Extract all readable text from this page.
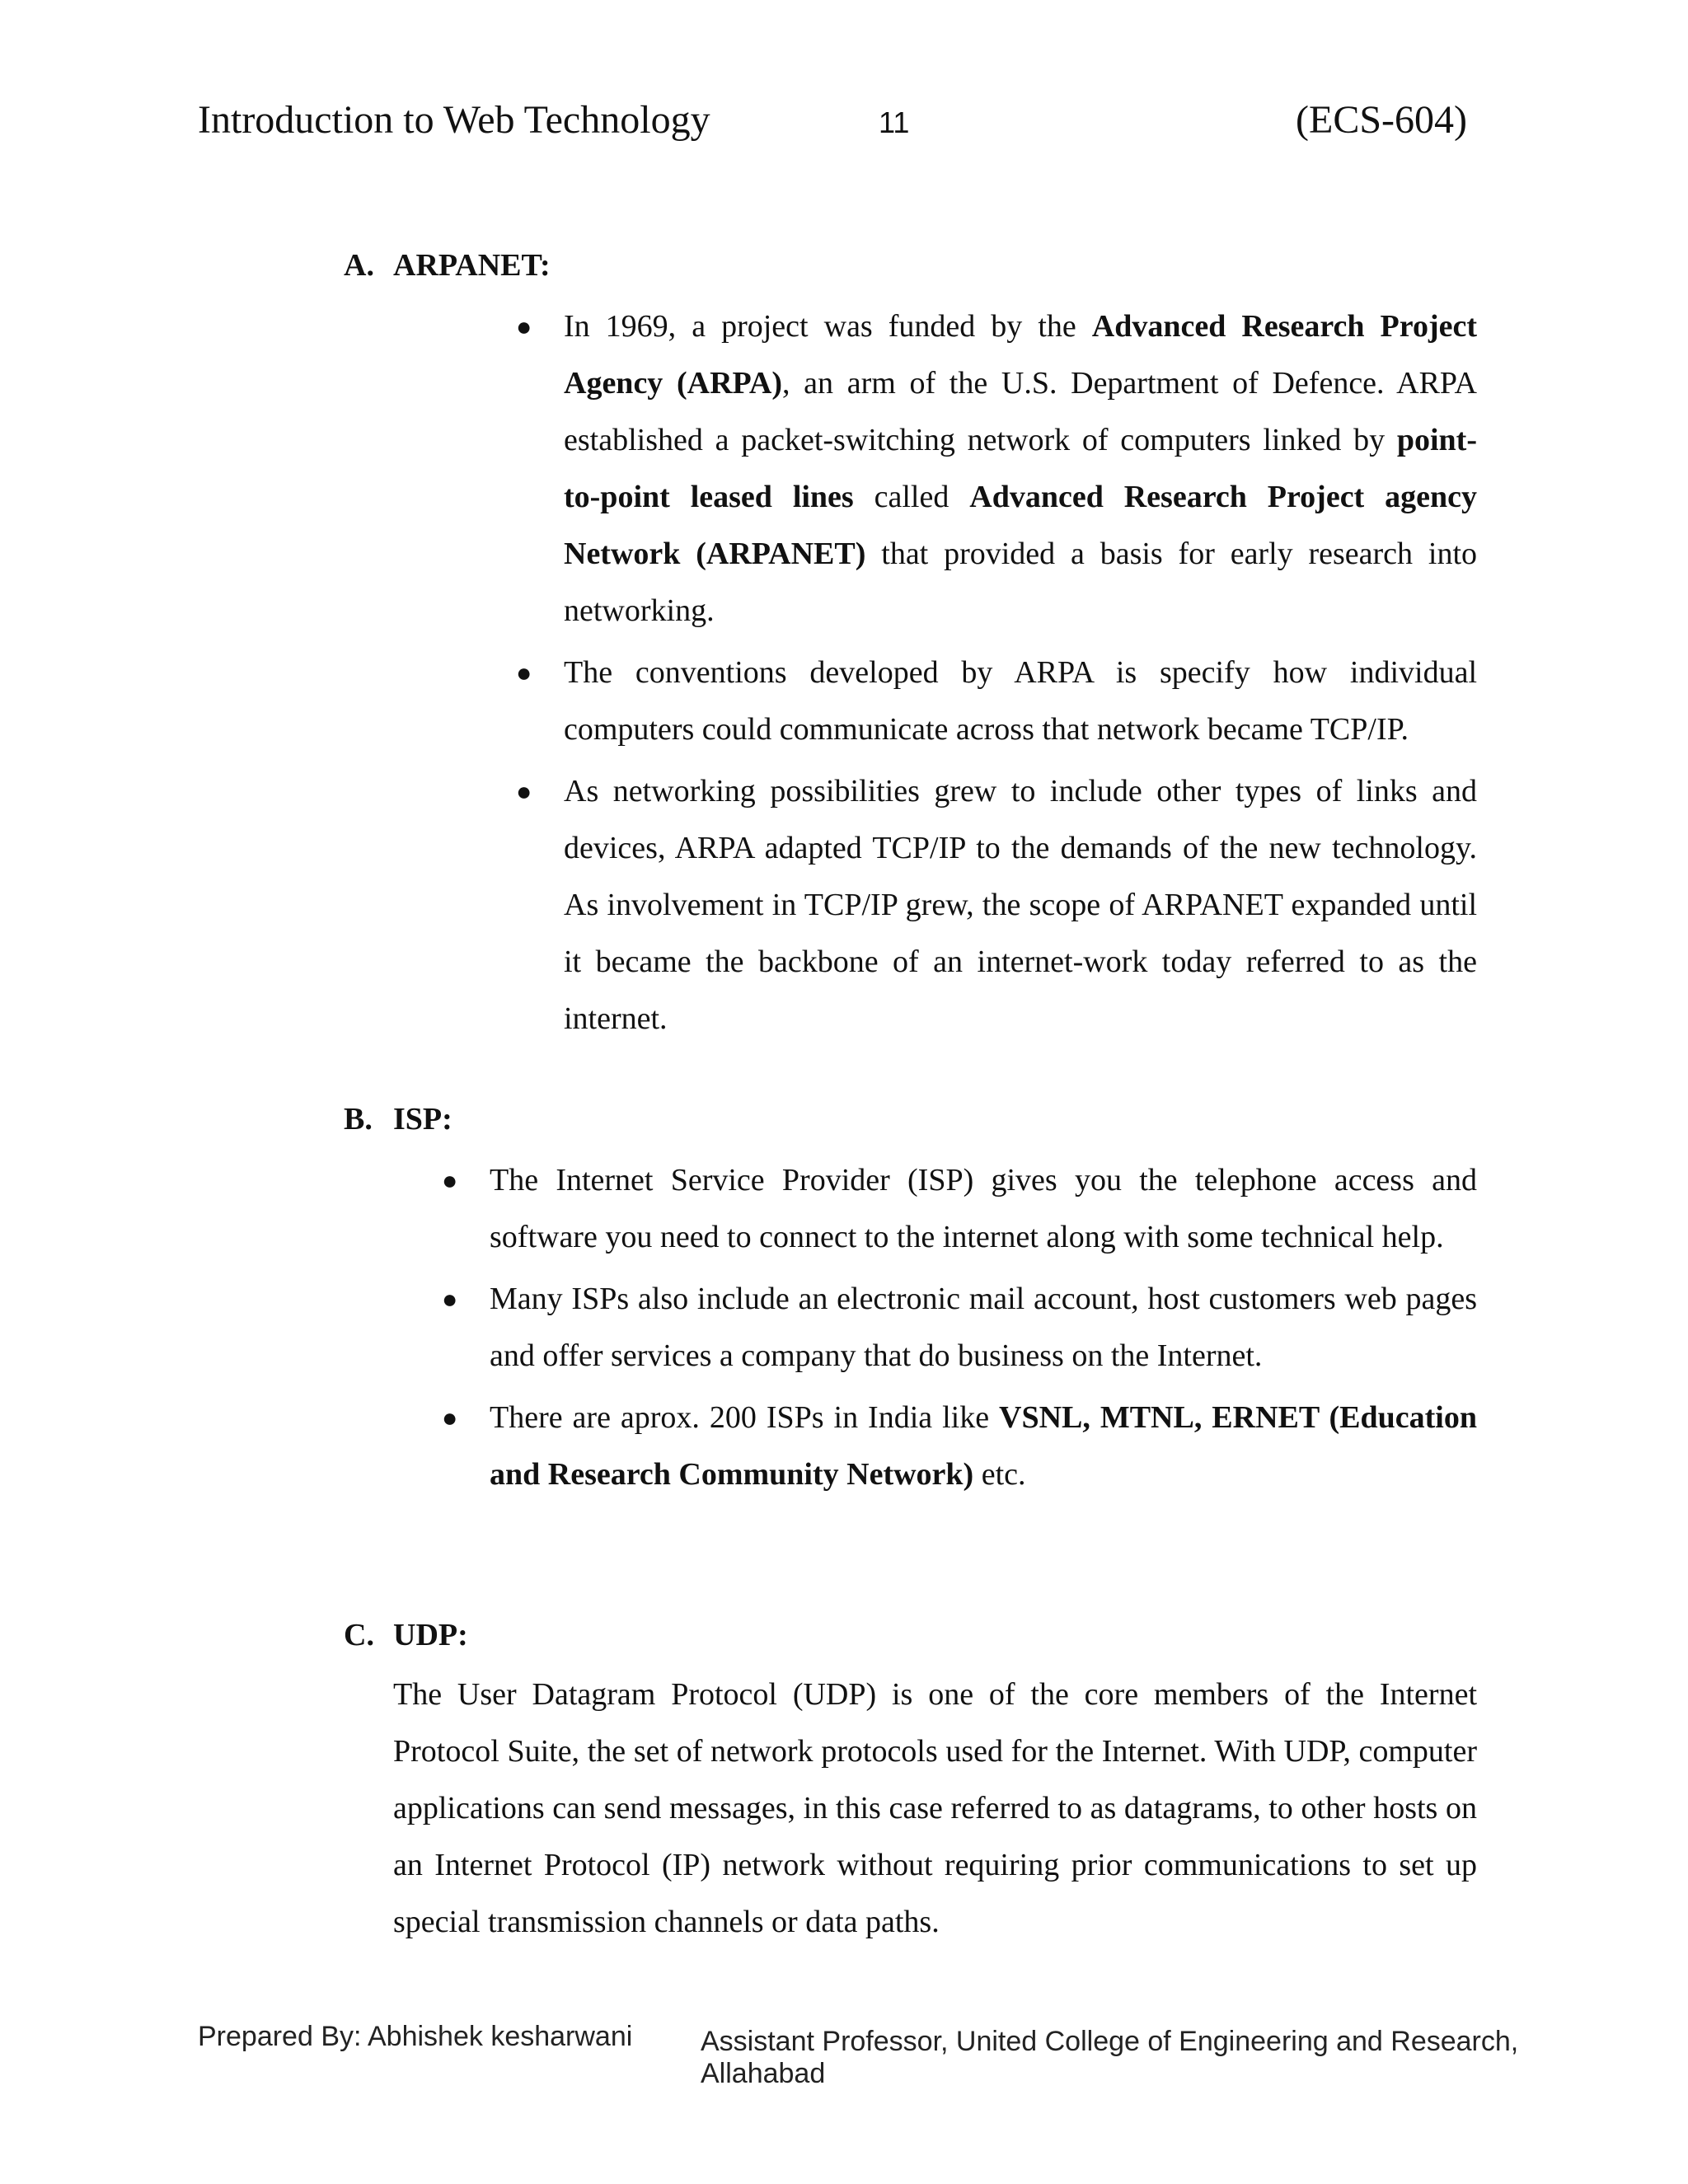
Introduction to Web Technology	11	(ECS-604)
A. ARPANET:
● In 1969, a project was funded by the Advanced Research Project Agency (ARPA), an arm of the U.S. Department of Defence. ARPA established a packet-switching network of computers linked by point-to-point leased lines called Advanced Research Project agency Network (ARPANET) that provided a basis for early research into networking.
● The conventions developed by ARPA is specify how individual computers could communicate across that network became TCP/IP.
● As networking possibilities grew to include other types of links and devices, ARPA adapted TCP/IP to the demands of the new technology. As involvement in TCP/IP grew, the scope of ARPANET expanded until it became the backbone of an internet-work today referred to as the internet.
B. ISP:
● The Internet Service Provider (ISP) gives you the telephone access and software you need to connect to the internet along with some technical help.
● Many ISPs also include an electronic mail account, host customers web pages and offer services a company that do business on the Internet.
● There are aprox. 200 ISPs in India like VSNL, MTNL, ERNET (Education and Research Community Network) etc.
C. UDP:
The User Datagram Protocol (UDP) is one of the core members of the Internet Protocol Suite, the set of network protocols used for the Internet. With UDP, computer applications can send messages, in this case referred to as datagrams, to other hosts on an Internet Protocol (IP) network without requiring prior communications to set up special transmission channels or data paths.
Prepared By: Abhishek kesharwani Assistant Professor, United College of Engineering and Research, Allahabad
